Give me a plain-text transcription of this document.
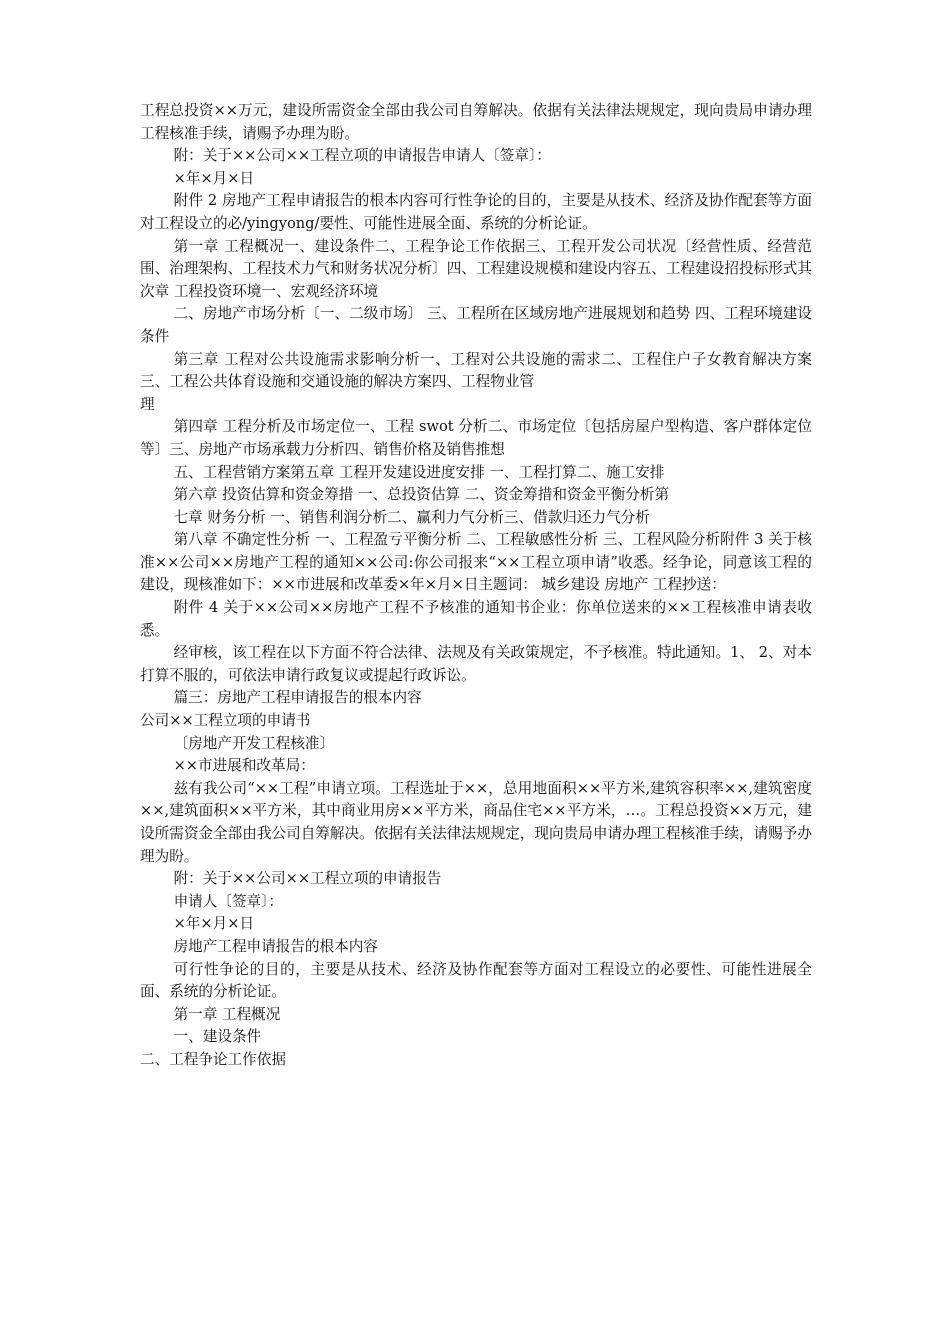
工程总投资××万元，建设所需资金全部由我公司自筹解决。依据有关法律法规规定，现向贵局申请办理工程核准手续，请赐予办理为盼。

附：关于××公司××工程立项的申请报告申请人〔签章〕：

×年×月×日

附件 2 房地产工程申请报告的根本内容可行性争论的目的，主要是从技术、经济及协作配套等方面对工程设立的必/yingyong/要性、可能性进展全面、系统的分析论证。

第一章 工程概况一、建设条件二、工程争论工作依据三、工程开发公司状况〔经营性质、经营范围、治理架构、工程技术力气和财务状况分析〕四、工程建设规模和建设内容五、工程建设招投标形式其次章 工程投资环境一、宏观经济环境

二、房地产市场分析〔一、二级市场〕 三、工程所在区域房地产进展规划和趋势 四、工程环境建设条件

第三章 工程对公共设施需求影响分析一、工程对公共设施的需求二、工程住户子女教育解决方案三、工程公共体育设施和交通设施的解决方案四、工程物业管

理

第四章 工程分析及市场定位一、工程 swot 分析二、市场定位〔包括房屋户型构造、客户群体定位等〕三、房地产市场承载力分析四、销售价格及销售推想

五、工程营销方案第五章 工程开发建设进度安排 一、工程打算二、施工安排

第六章 投资估算和资金筹措 一、总投资估算 二、资金筹措和资金平衡分析第

七章 财务分析 一、销售利润分析二、赢利力气分析三、借款归还力气分析

第八章 不确定性分析 一、工程盈亏平衡分析 二、工程敏感性分析 三、工程风险分析附件 3 关于核准××公司××房地产工程的通知××公司:你公司报来“××工程立项申请”收悉。经争论，同意该工程的建设，现核准如下：××市进展和改革委×年×月×日主题词： 城乡建设 房地产 工程抄送：

附件 4 关于××公司××房地产工程不予核准的通知书企业：你单位送来的××工程核准申请表收悉。

经审核，该工程在以下方面不符合法律、法规及有关政策规定，不予核准。特此通知。1、 2、对本打算不服的，可依法申请行政复议或提起行政诉讼。

篇三：房地产工程申请报告的根本内容

公司××工程立项的申请书

〔房地产开发工程核准〕

××市进展和改革局：

兹有我公司“××工程”申请立项。工程选址于××，总用地面积××平方米,建筑容积率××,建筑密度××,建筑面积××平方米，其中商业用房××平方米，商品住宅××平方米，…。工程总投资××万元，建设所需资金全部由我公司自筹解决。依据有关法律法规规定，现向贵局申请办理工程核准手续，请赐予办理为盼。

附：关于××公司××工程立项的申请报告

申请人〔签章〕：

×年×月×日

房地产工程申请报告的根本内容

可行性争论的目的，主要是从技术、经济及协作配套等方面对工程设立的必要性、可能性进展全面、系统的分析论证。

第一章 工程概况

一、建设条件

二、工程争论工作依据
